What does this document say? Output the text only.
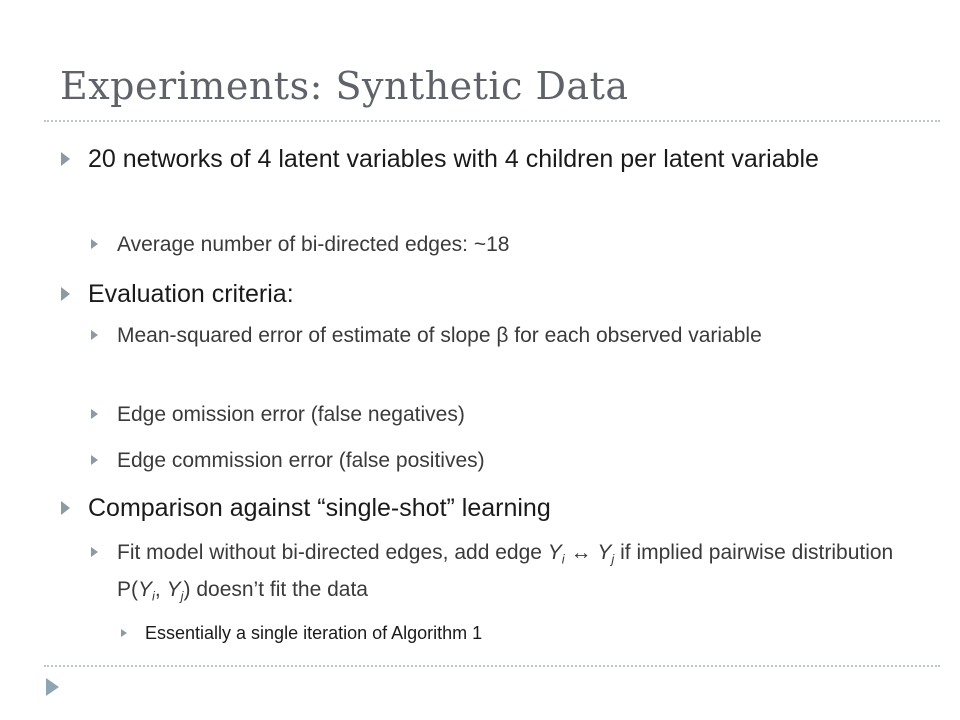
Experiments: Synthetic Data
20 networks of 4 latent variables with 4 children per latent variable
Average number of bi-directed edges: ~18
Evaluation criteria:
Mean-squared error of estimate of slope β for each observed variable
Edge omission error (false negatives)
Edge commission error (false positives)
Comparison against “single-shot” learning
Fit model without bi-directed edges, add edge $Y_i$ ↔ $Y_j$ if implied pairwise distribution $P(Y_i$, $Y_j$) doesn’t fit the data
Essentially a single iteration of Algorithm 1
